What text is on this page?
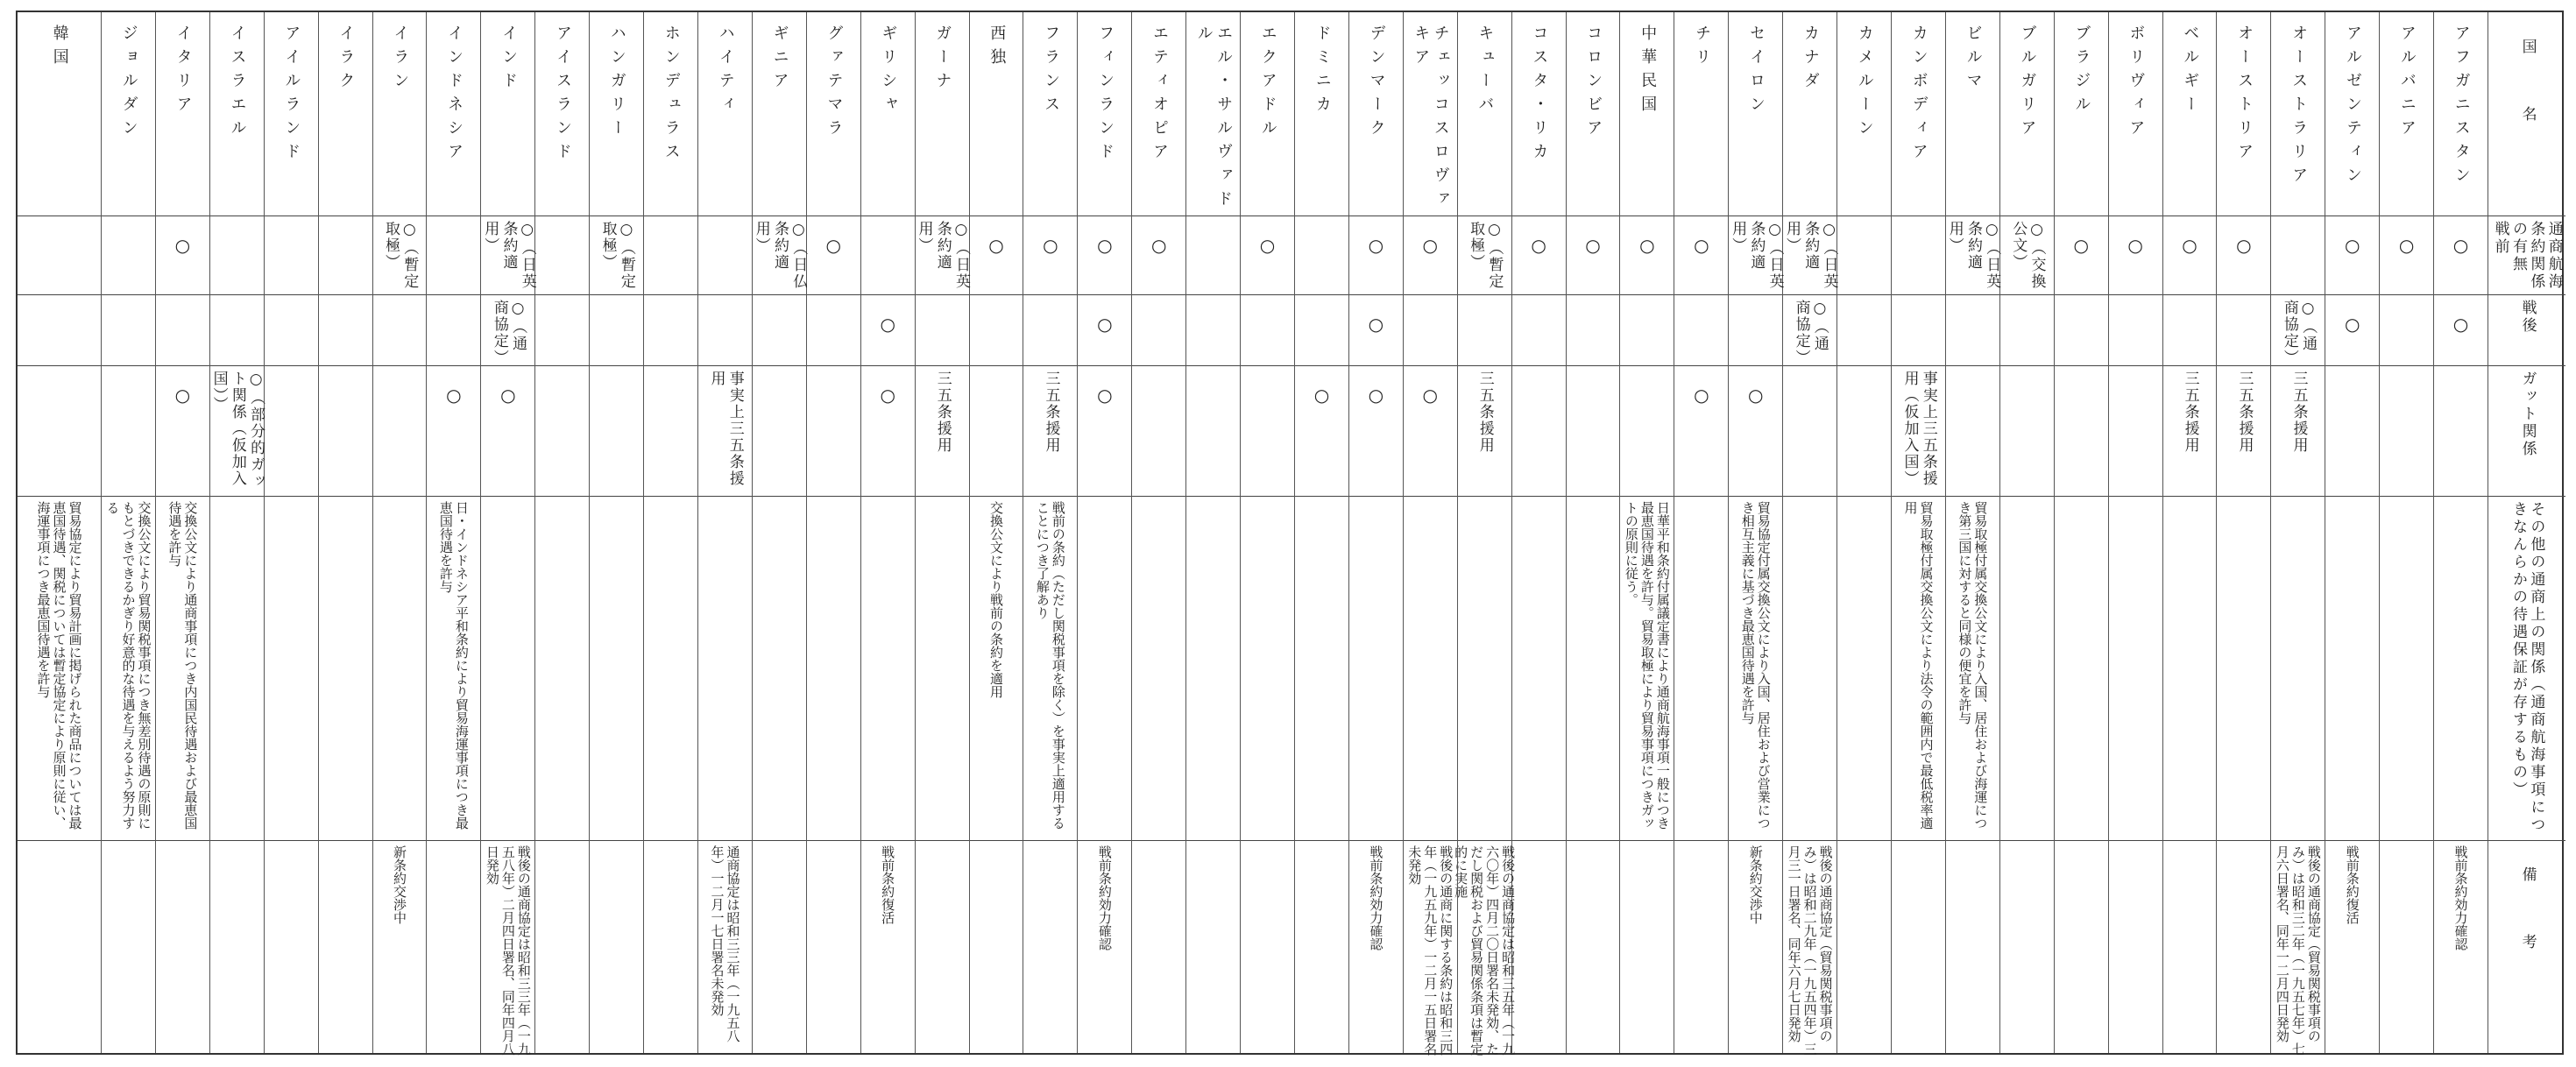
国名
通商航海条約関係の有無
戦前
戦後
ガット関係
その他の通商上の関係（通商航海事項につきなんらかの待遇保証が存するもの）
備考
アフガニスタン
○
○
戦前条約効力確認
アルバニア
○
アルゼンティン
○
○
戦前条約復活
オーストラリア
○（通商協定）
三五条援用
戦後の通商協定（貿易関税事項のみ）は昭和三二年（一九五七年）七月六日署名、同年一二月四日発効
オーストリア
○
三五条援用
ベルギー
○
三五条援用
ボリヴィア
○
ブラジル
○
ブルガリア
○（交換公文）
ビルマ
○（日英条約適用）
貿易取極付属交換公文により入国、居住および海運につき第三国に対すると同様の便宜を許与
カンボディア
事実上三五条援用（仮加入国）
貿易取極付属交換公文により法令の範囲内で最低税率適用
カメルーン
カナダ
○（日英条約適用）
○（通商協定）
戦後の通商協定（貿易関税事項のみ）は昭和二九年（一九五四年）三月三一日署名、同年六月七日発効
セイロン
○（日英条約適用）
○
貿易協定付属交換公文により入国、居住および営業につき相互主義に基づき最恵国待遇を許与
新条約交渉中
チリ
○
○
中華民国
○
日華平和条約付属議定書により通商航海事項一般につき最恵国待遇を許与。貿易取極により貿易事項につきガットの原則に従う。
コロンビア
○
コスタ・リカ
○
キューバ
○（暫定取極）
三五条援用
戦後の通商協定は昭和三五年（一九六〇年）四月二〇日署名未発効、ただし関税および貿易関係条項は暫定的に実施
チェッコスロヴァキア
○
○
戦後の通商に関する条約は昭和三四年（一九五九年）一二月一五日署名未発効
デンマーク
○
○
○
戦前条約効力確認
ドミニカ
○
エクアドル
○
エル・サルヴァドル
エティオピア
○
フィンランド
○
○
○
戦前条約効力確認
フランス
○
三五条援用
戦前の条約（ただし関税事項を除く）を事実上適用することにつき了解あり
西独
○
交換公文により戦前の条約を適用
ガーナ
○（日英条約適用）
三五条援用
ギリシャ
○
○
戦前条約復活
グァテマラ
○
ギニア
○（日仏条約適用）
ハイティ
事実上三五条援用
通商協定は昭和三三年（一九五八年）一二月一七日署名未発効
ホンデュラス
ハンガリー
○（暫定取極）
アイスランド
インド
○（日英条約適用）
○（通商協定）
○
戦後の通商協定は昭和三三年（一九五八年）二月四日署名、同年四月八日発効
インドネシア
○
日・インドネシア平和条約により貿易海運事項につき最恵国待遇を許与
イラン
○（暫定取極）
新条約交渉中
イラク
アイルランド
イスラエル
○（部分的ガット関係（仮加入国））
イタリア
○
○
交換公文により通商事項につき内国民待遇および最恵国待遇を許与
ジョルダン
交換公文により貿易関税事項につき無差別待遇の原則にもとづきできるかぎり好意的な待遇を与えるよう努力する
韓国
貿易協定により貿易計画に掲げられた商品については最恵国待遇、関税については暫定協定により原則に従い、海運事項につき最恵国待遇を許与
